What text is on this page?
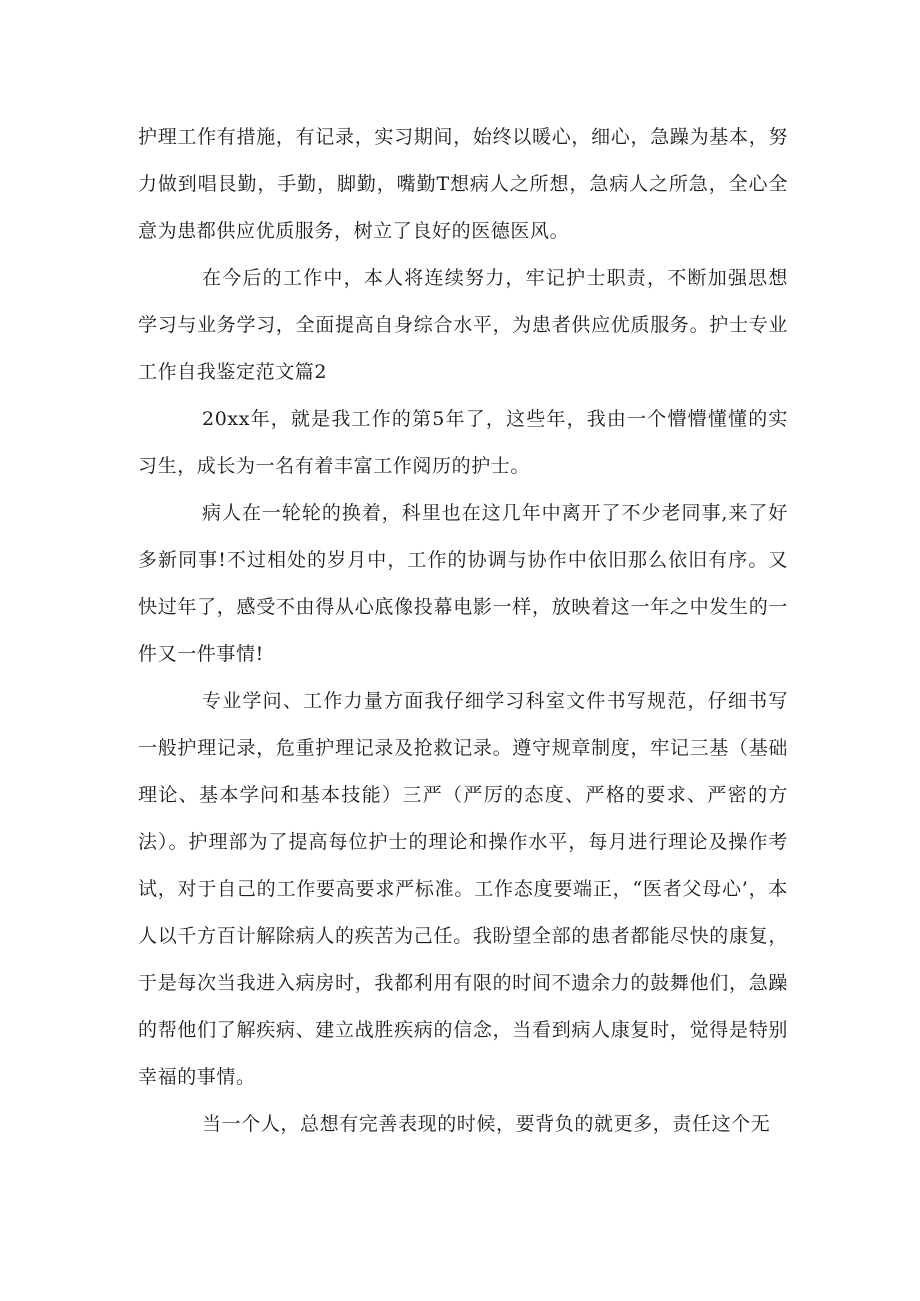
护理工作有措施，有记录，实习期间，始终以暖心，细心，急躁为基本，努力做到唱艮勤，手勤，脚勤，嘴勤T想病人之所想，急病人之所急，全心全意为患都供应优质服务，树立了良好的医德医风。

在今后的工作中，本人将连续努力，牢记护士职责，不断加强思想学习与业务学习，全面提高自身综合水平，为患者供应优质服务。护士专业工作自我鉴定范文篇2

20xx年，就是我工作的第5年了，这些年，我由一个懵懵懂懂的实习生，成长为一名有着丰富工作阅历的护士。

病人在一轮轮的换着，科里也在这几年中离开了不少老同事,来了好多新同事!不过相处的岁月中，工作的协调与协作中依旧那么依旧有序。又快过年了，感受不由得从心底像投幕电影一样，放映着这一年之中发生的一件又一件事情!

专业学问、工作力量方面我仔细学习科室文件书写规范，仔细书写一般护理记录，危重护理记录及抢救记录。遵守规章制度，牢记三基（基础理论、基本学问和基本技能）三严（严厉的态度、严格的要求、严密的方法）。护理部为了提高每位护士的理论和操作水平，每月进行理论及操作考试，对于自己的工作要高要求严标准。工作态度要端正，“医者父母心’，本人以千方百计解除病人的疾苦为己任。我盼望全部的患者都能尽快的康复，于是每次当我进入病房时，我都利用有限的时间不遗余力的鼓舞他们，急躁的帮他们了解疾病、建立战胜疾病的信念，当看到病人康复时，觉得是特别幸福的事情。

当一个人，总想有完善表现的时候，要背负的就更多，责任这个无
